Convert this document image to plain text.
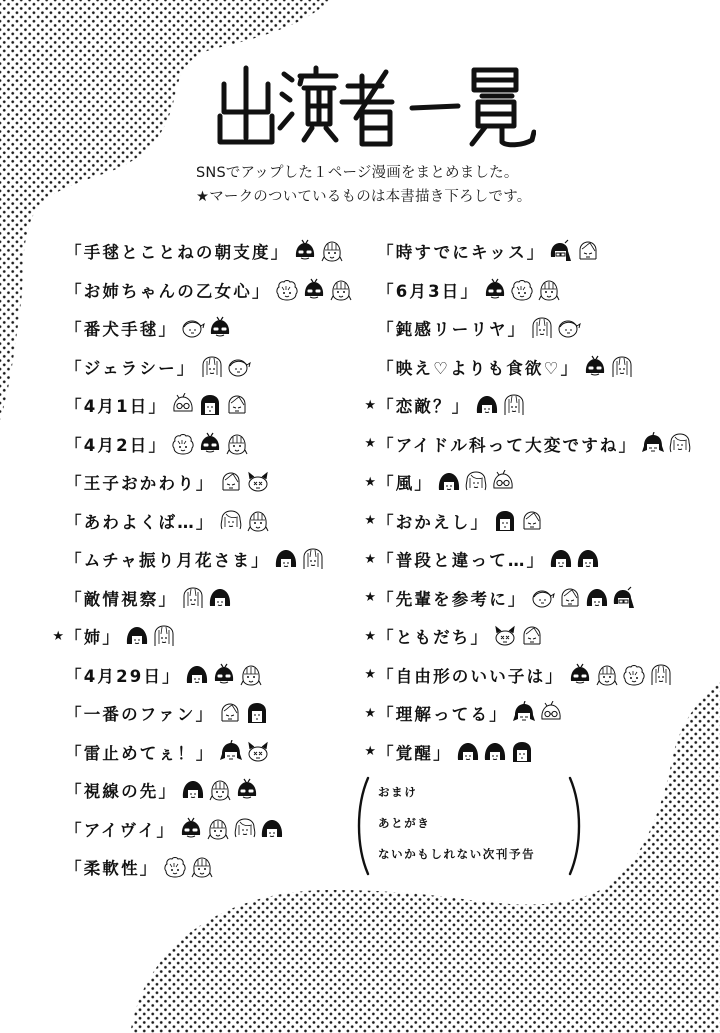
SNSでアップした１ページ漫画をまとめました。
★マークのついているものは本書描き下ろしです。
「手毬とことねの朝支度」
「お姉ちゃんの乙女心」
「番犬手毬」
「ジェラシー」
「4月1日」
「4月2日」
「王子おかわり」
「あわよくば…」
「ムチャ振り月花さま」
「敵情視察」
★ 「姉」
「4月29日」
「一番のファン」
「雷止めてぇ！」
「視線の先」
「アイヴイ」
「柔軟性」
「時すでにキッス」
「6月3日」
「鈍感リーリヤ」
「映え♡よりも食欲♡」
★ 「恋敵？」
★ 「アイドル科って大変ですね」
★ 「風」
★ 「おかえし」
★ 「普段と違って…」
★ 「先輩を参考に」
★ 「ともだち」
★ 「自由形のいい子は」
★ 「理解ってる」
★ 「覚醒」
おまけ
あとがき
ないかもしれない次刊予告
